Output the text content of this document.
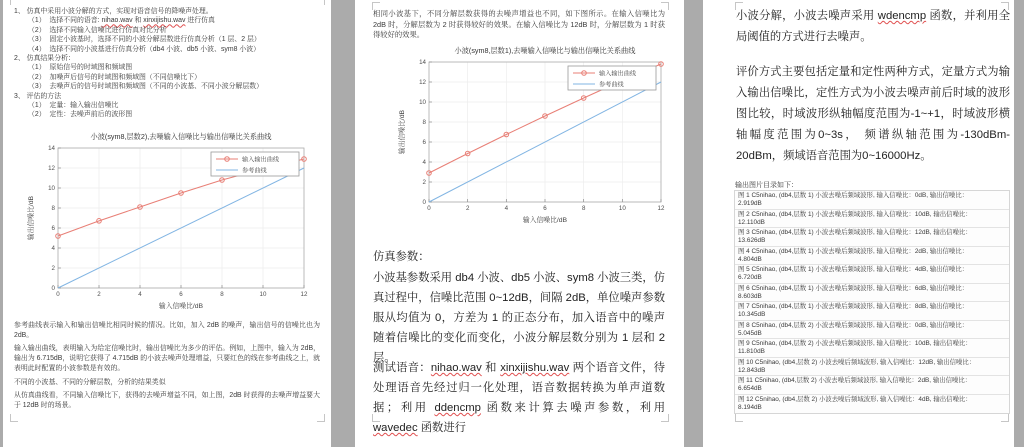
1、 仿真中采用小波分解的方式，实现对语音信号的降噪声处理。
（1）  选择不同的语音: nihao.wav 和 xinxijishu.wav 进行仿真
（2）  选择不同输入信噪比进行仿真对比分析
（3）  固定小波基时，选择不同的小波分解层数进行仿真分析（1 层、2 层）
（4）  选择不同的小波基进行仿真分析（db4 小波、db5 小波、sym8 小波）
2、 仿真结果分析：
（1）  原始信号的时域图和频域图
（2）  加噪声后信号的时域图和频域图（不同信噪比下）
（3）  去噪声后的信号时域图和频域图（不同的小波基、不同小波分解层数）
3、 评估的方法
（1）  定量：输入输出信噪比
（2）  定性：去噪声前后的波形图
0	2	4	6	8	10	12
0
2
4
6
8
10
12
14
小波(sym8,层数2),去噪输入信噪比与输出信噪比关系曲线
输入信噪比/dB
输出信噪比/dB
输入输出曲线
参考曲线
参考曲线表示输入和输出信噪比相同时候的情况。比如，加入 2dB 的噪声，输出信号的信噪比也为 2dB。
输入输出曲线，表明输入为给定信噪比时，输出信噪比为多少的评估。例如，上图中，输入为 2dB，输出为 6.715dB，说明它获得了 4.715dB 的小波去噪声处理增益，只要红色的线在参考曲线之上，就表明此时配置的小波参数是有效的。
不同的小波基、不同的分解层数，分析的结果类似
从仿真曲线看，不同输入信噪比下，获得的去噪声增益不同，如上图，2dB 时获得的去噪声增益要大于 12dB 时的场景。
相同小波基下，不同分解层数获得的去噪声增益也不同，如下图所示。在输入信噪比为 2dB 时，分解层数为 2 时获得较好的效果。在输入信噪比为 12dB 时，分解层数为 1 时获得较好的效果。
0	2	4	6	8	10	12
0
2
4
6
8
10
12
14
小波(sym8,层数1),去噪输入信噪比与输出信噪比关系曲线
输入信噪比/dB
输出信噪比/dB
输入输出曲线
参考曲线
仿真参数：
小波基参数采用 db4 小波、db5 小波、sym8 小波三类，仿真过程中，信噪比范围 0~12dB，间隔 2dB，单位噪声参数服从均值为 0，方差为 1 的正态分布，加入语音中的噪声随着信噪比的变化而变化，小波分解层数分别为 1 层和 2 层。
测试语音：nihao.wav 和 xinxijishu.wav 两个语音文件，待处理语音先经过归一化处理，语音数据转换为单声道数据；利用 ddencmp 函数来计算去噪声参数，利用 wavedec 函数进行
小波分解，小波去噪声采用 wdencmp 函数，并利用全局阈值的方式进行去噪声。
评价方式主要包括定量和定性两种方式，定量方式为输入输出信噪比，定性方式为小波去噪声前后时域的波形图比较，时域波形纵轴幅度范围为-1~+1，时域波形横轴幅度范围为0~3s， 频谱纵轴范围为-130dBm-20dBm，频域语音范围为0~16000Hz。
输出图片目录如下：
图 1 C5nihao, (db4,层数 1) 小波去噪后频域波形, 输入信噪比：0dB, 输出信噪比：
2.919dB
图 2 C5nihao, (db4,层数 1) 小波去噪后频域波形, 输入信噪比：10dB, 输出信噪比：
12.110dB
图 3 C5nihao, (db4,层数 1) 小波去噪后频域波形, 输入信噪比：12dB, 输出信噪比：
13.626dB
图 4 C5nihao, (db4,层数 1) 小波去噪后频域波形, 输入信噪比：2dB, 输出信噪比：
4.804dB
图 5 C5nihao, (db4,层数 1) 小波去噪后频域波形, 输入信噪比：4dB, 输出信噪比：
6.720dB
图 6 C5nihao, (db4,层数 1) 小波去噪后频域波形, 输入信噪比：6dB, 输出信噪比：
8.603dB
图 7 C5nihao, (db4,层数 1) 小波去噪后频域波形, 输入信噪比：8dB, 输出信噪比：
10.345dB
图 8 C5nihao, (db4,层数 2) 小波去噪后频域波形, 输入信噪比：0dB, 输出信噪比：
5.045dB
图 9 C5nihao, (db4,层数 2) 小波去噪后频域波形, 输入信噪比：10dB, 输出信噪比：
11.810dB
图 10 C5nihao, (db4,层数 2) 小波去噪后频域波形, 输入信噪比：12dB, 输出信噪比：
12.843dB
图 11 C5nihao, (db4,层数 2) 小波去噪后频域波形, 输入信噪比：2dB, 输出信噪比：
6.654dB
图 12 C5nihao, (db4,层数 2) 小波去噪后频域波形, 输入信噪比：4dB, 输出信噪比：
8.194dB
